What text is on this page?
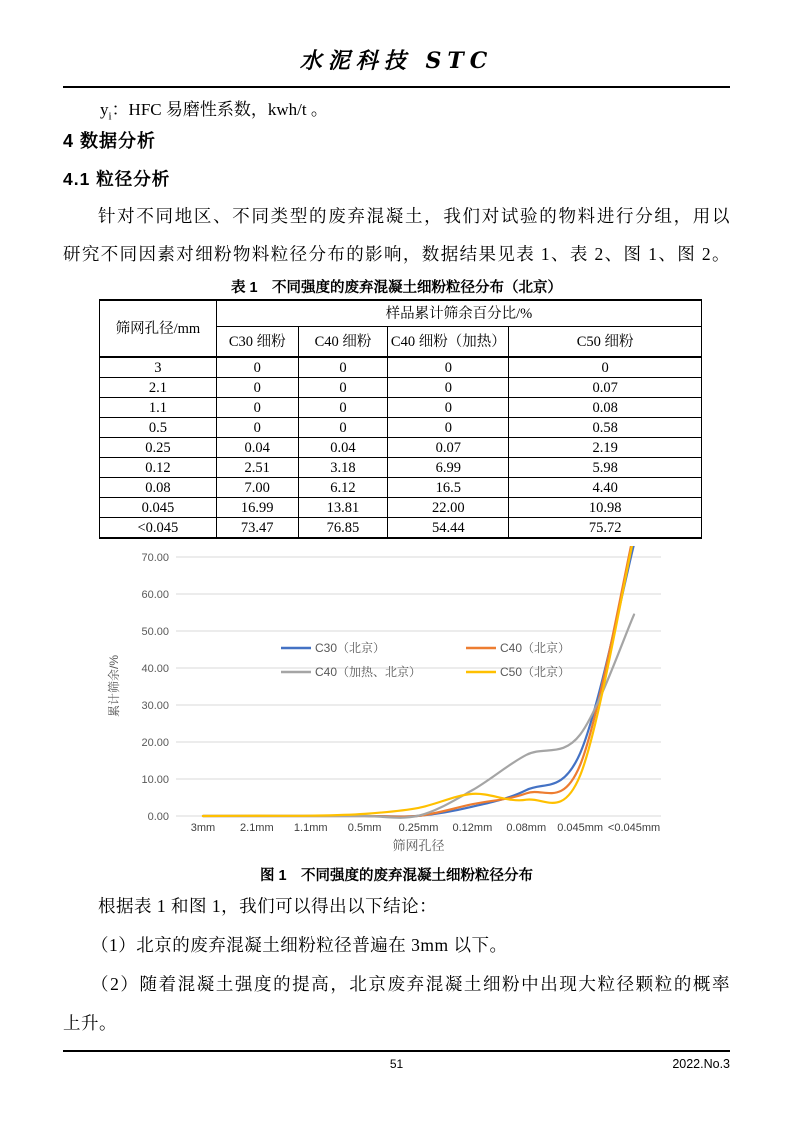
水泥科技 STC
$y_i$：HFC 易磨性系数，kwh/t 。
4 数据分析
4.1 粒径分析
针对不同地区、不同类型的废弃混凝土，我们对试验的物料进行分组，用以
研究不同因素对细粉物料粒径分布的影响，数据结果见表 1、表 2、图 1、图 2。
表 1　不同强度的废弃混凝土细粉粒径分布（北京）
筛网孔径/mm	样品累计筛余百分比/%			
	C30 细粉	C40 细粉	C40 细粉（加热）	C50 细粉
3	0	0	0	0
2.1	0	0	0	0.07
1.1	0	0	0	0.08
0.5	0	0	0	0.58
0.25	0.04	0.04	0.07	2.19
0.12	2.51	3.18	6.99	5.98
0.08	7.00	6.12	16.5	4.40
0.045	16.99	13.81	22.00	10.98
<0.045	73.47	76.85	54.44	75.72
0.00
10.00
20.00
30.00
40.00
50.00
60.00
70.00
3mm 2.1mm 1.1mm 0.5mm 0.25mm 0.12mm 0.08mm 0.045mm <0.045mm
筛网孔径
累计筛余/%
C30（北京）	C40（北京）
C40（加热、北京）	C50（北京）
图 1　不同强度的废弃混凝土细粉粒径分布
根据表 1 和图 1，我们可以得出以下结论：
（1）北京的废弃混凝土细粉粒径普遍在 3mm 以下。
（2）随着混凝土强度的提高，北京废弃混凝土细粉中出现大粒径颗粒的概率
上升。
51	2022.No.3
